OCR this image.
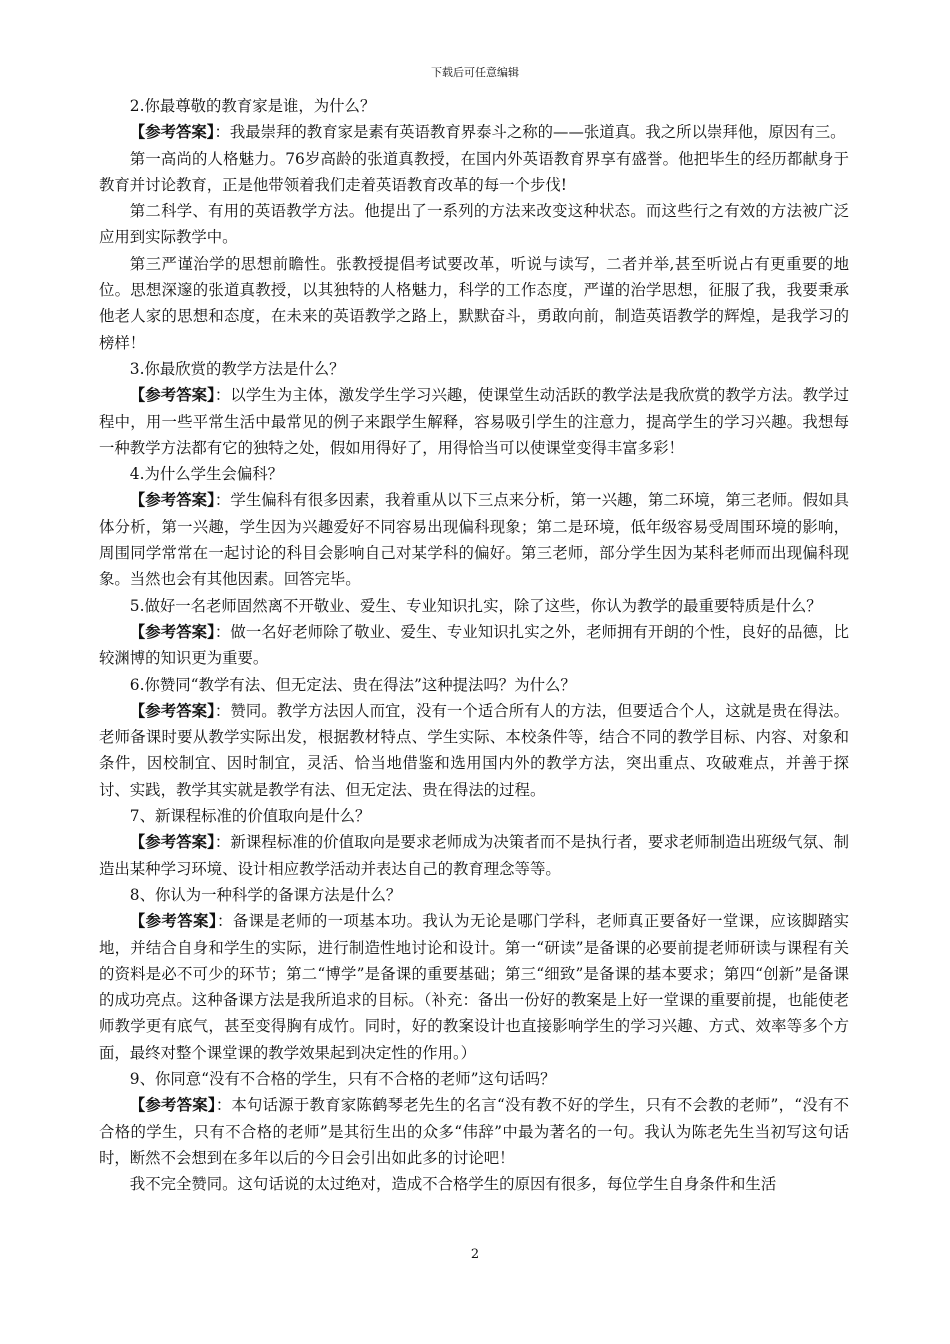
下载后可任意编辑

2.你最尊敬的教育家是谁，为什么？

【参考答案】：我最崇拜的教育家是素有英语教育界泰斗之称的——张道真。我之所以崇拜他，原因有三。

第一高尚的人格魅力。76岁高龄的张道真教授，在国内外英语教育界享有盛誉。他把毕生的经历都献身于教育并讨论教育，正是他带领着我们走着英语教育改革的每一个步伐!

第二科学、有用的英语教学方法。他提出了一系列的方法来改变这种状态。而这些行之有效的方法被广泛应用到实际教学中。

第三严谨治学的思想前瞻性。张教授提倡考试要改革，听说与读写，二者并举,甚至听说占有更重要的地位。思想深邃的张道真教授，以其独特的人格魅力，科学的工作态度，严谨的治学思想，征服了我，我要秉承他老人家的思想和态度，在未来的英语教学之路上，默默奋斗，勇敢向前，制造英语教学的辉煌，是我学习的榜样！

3.你最欣赏的教学方法是什么？

【参考答案】：以学生为主体，激发学生学习兴趣，使课堂生动活跃的教学法是我欣赏的教学方法。教学过程中，用一些平常生活中最常见的例子来跟学生解释，容易吸引学生的注意力，提高学生的学习兴趣。我想每一种教学方法都有它的独特之处，假如用得好了，用得恰当可以使课堂变得丰富多彩！

4.为什么学生会偏科？

【参考答案】：学生偏科有很多因素，我着重从以下三点来分析，第一兴趣，第二环境，第三老师。假如具体分析，第一兴趣，学生因为兴趣爱好不同容易出现偏科现象；第二是环境，低年级容易受周围环境的影响，周围同学常常在一起讨论的科目会影响自己对某学科的偏好。第三老师，部分学生因为某科老师而出现偏科现象。当然也会有其他因素。回答完毕。

5.做好一名老师固然离不开敬业、爱生、专业知识扎实，除了这些，你认为教学的最重要特质是什么？

【参考答案】：做一名好老师除了敬业、爱生、专业知识扎实之外，老师拥有开朗的个性，良好的品德，比较渊博的知识更为重要。

6.你赞同“教学有法、但无定法、贵在得法”这种提法吗？为什么？

【参考答案】：赞同。教学方法因人而宜，没有一个适合所有人的方法，但要适合个人，这就是贵在得法。老师备课时要从教学实际出发，根据教材特点、学生实际、本校条件等，结合不同的教学目标、内容、对象和条件，因校制宜、因时制宜，灵活、恰当地借鉴和选用国内外的教学方法，突出重点、攻破难点，并善于探讨、实践，教学其实就是教学有法、但无定法、贵在得法的过程。

7、新课程标准的价值取向是什么？

【参考答案】：新课程标准的价值取向是要求老师成为决策者而不是执行者，要求老师制造出班级气氛、制造出某种学习环境、设计相应教学活动并表达自己的教育理念等等。

8、你认为一种科学的备课方法是什么？

【参考答案】：备课是老师的一项基本功。我认为无论是哪门学科，老师真正要备好一堂课，应该脚踏实地，并结合自身和学生的实际，进行制造性地讨论和设计。第一“研读”是备课的必要前提老师研读与课程有关的资料是必不可少的环节；第二“博学”是备课的重要基础；第三“细致”是备课的基本要求；第四“创新”是备课的成功亮点。这种备课方法是我所追求的目标。（补充：备出一份好的教案是上好一堂课的重要前提，也能使老师教学更有底气，甚至变得胸有成竹。同时，好的教案设计也直接影响学生的学习兴趣、方式、效率等多个方面，最终对整个课堂课的教学效果起到决定性的作用。）

9、你同意“没有不合格的学生，只有不合格的老师”这句话吗？

【参考答案】：本句话源于教育家陈鹤琴老先生的名言“没有教不好的学生，只有不会教的老师”，“没有不合格的学生，只有不合格的老师”是其衍生出的众多“伟辞”中最为著名的一句。我认为陈老先生当初写这句话时，断然不会想到在多年以后的今日会引出如此多的讨论吧！

我不完全赞同。这句话说的太过绝对，造成不合格学生的原因有很多，每位学生自身条件和生活

2
